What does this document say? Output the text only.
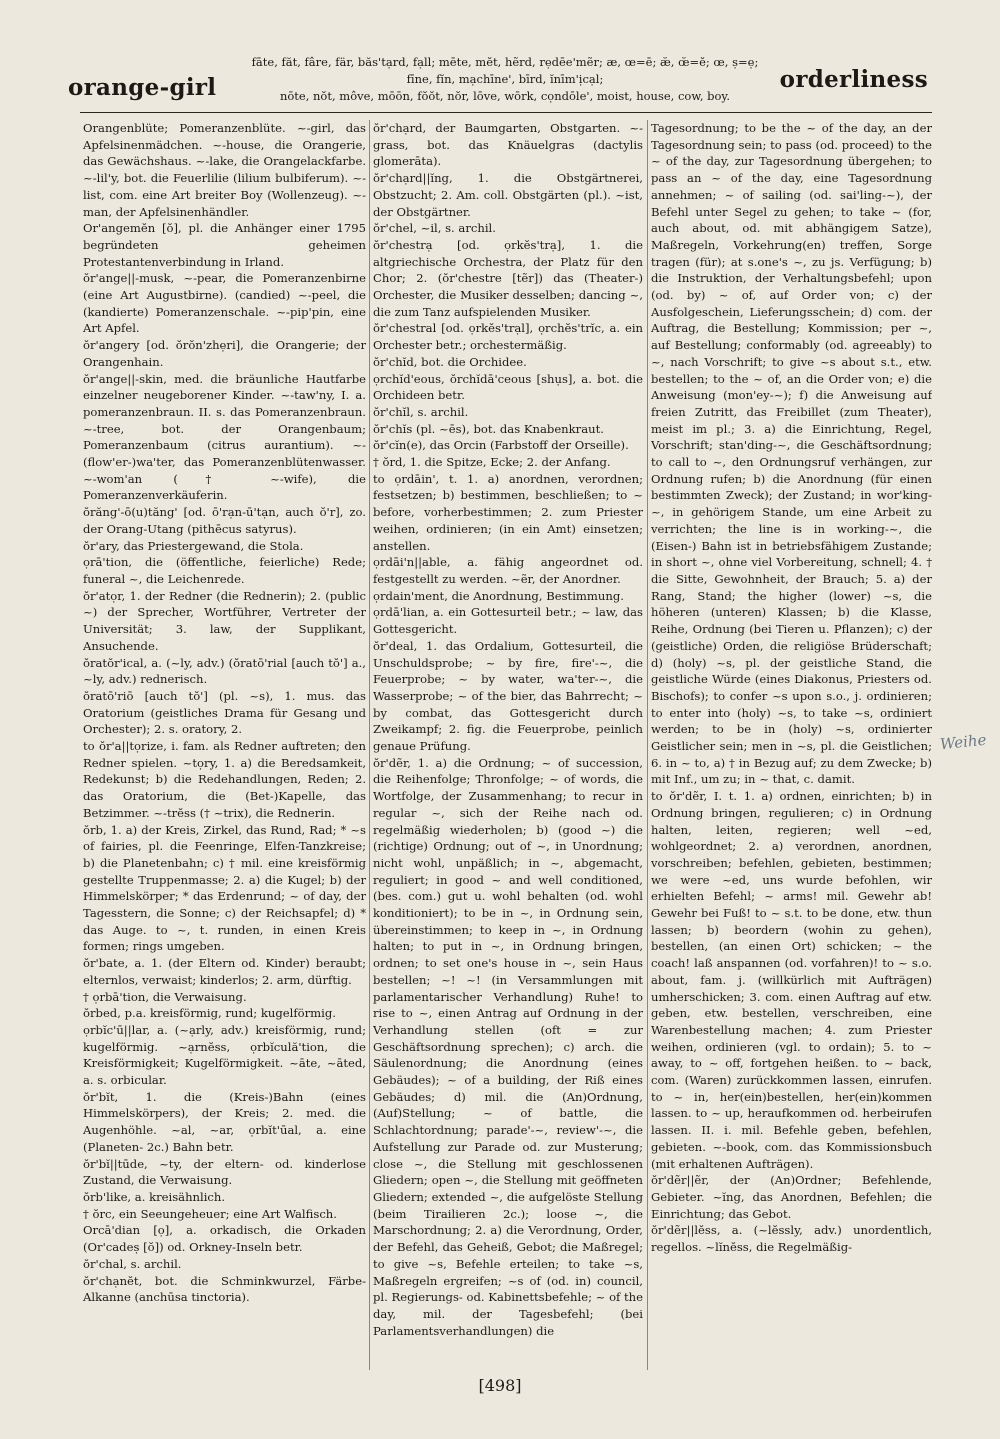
orange-girl
fāte, făt, fâre, fär, băs'tạrd, fạll; mēte, mĕt, hẽrd, rẹdēe'mẽr; æ, œ=ē; æ̆, œ̆=ĕ; œ, ṣ=ẹ;
fīne, fĭn, mạchīne', bīrd, ĭnīm'ịcạl;
nōte, nŏt, môve, mōōn, fŏŏt, nŏr, lōve, wōrk, cọndōle', moist, house, cow, boy.
orderliness

Orangenblüte; Pomeranzenblüte. ~-girl, das Apfelsinenmädchen. ~-house, die Orangerie, das Gewächshaus. ~-lake, die Orangelackfarbe. ~-lil'y, bot. die Feuerlilie (lilium bulbiferum). ~-list, com. eine Art breiter Boy (Wollenzeug). ~-man, der Apfelsinenhändler.

Or'angemĕn [ŏ], pl. die Anhänger einer 1795 begründeten geheimen Protestantenverbindung in Irland.

ŏr'ange||-musk, ~-pear, die Pomeranzenbirne (eine Art Augustbirne). (candied) ~-peel, die (kandierte) Pomeranzenschale. ~-pip'pin, eine Art Apfel.

ŏr'angery [od. ŏrŏn'zhẹri], die Orangerie; der Orangenhain.

ŏr'ange||-skin, med. die bräunliche Hautfarbe einzelner neugeborener Kinder. ~-taw'ny, I. a. pomeranzenbraun. II. s. das Pomeranzenbraun. ~-tree, bot. der Orangenbaum; Pomeranzenbaum (citrus aurantium). ~-(flow'er-)wa'ter, das Pomeranzenblütenwasser. ~-wom'an († ~-wife), die Pomeranzenverkäuferin.

ŏrăng'-ō(u)tăng' [od. ō'rạn-ū'tạn, auch ŏ'r], zo. der Orang-Utang (pithēcus satyrus).

ŏr'ary, das Priestergewand, die Stola.

ọrā'tion, die (öffentliche, feierliche) Rede; funeral ~, die Leichenrede.

ŏr'atọr, 1. der Redner (die Rednerin); 2. (public ~) der Sprecher, Wortführer, Vertreter der Universität; 3. law, der Supplikant, Ansuchende.

ŏratŏr'ical, a. (~ly, adv.) (ŏratō'rial [auch tŏ'] a., ~ly, adv.) rednerisch.

ŏratō'riō [auch tŏ'] (pl. ~s), 1. mus. das Oratorium (geistliches Drama für Gesang und Orchester); 2. s. oratory, 2.

to ŏr'a||tọrize, i. fam. als Redner auftreten; den Redner spielen. ~tọry, 1. a) die Beredsamkeit, Redekunst; b) die Redehandlungen, Reden; 2. das Oratorium, die (Bet-)Kapelle, das Betzimmer. ~-trĕss († ~trix), die Rednerin.

ŏrb, 1. a) der Kreis, Zirkel, das Rund, Rad; * ~s of fairies, pl. die Feenringe, Elfen-Tanzkreise; b) die Planetenbahn; c) † mil. eine kreisförmig gestellte Truppenmasse; 2. a) die Kugel; b) der Himmelskörper; * das Erdenrund; ~ of day, der Tagesstern, die Sonne; c) der Reichsapfel; d) * das Auge. to ~, t. runden, in einen Kreis formen; rings umgeben.

ŏr'bate, a. 1. (der Eltern od. Kinder) beraubt; elternlos, verwaist; kinderlos; 2. arm, dürftig.

† ọrbā'tion, die Verwaisung.

ŏrbed, p.a. kreisförmig, rund; kugelförmig.

ọrbĭc'ū||lar, a. (~ạrly, adv.) kreisförmig, rund; kugelförmig. ~ạrnĕss, ọrbĭculă'tion, die Kreisförmigkeit; Kugelförmigkeit. ~āte, ~āted, a. s. orbicular.

ŏr'bĭt, 1. die (Kreis-)Bahn (eines Himmelskörpers), der Kreis; 2. med. die Augenhöhle. ~al, ~ar, ọrbĭt'ūal, a. eine (Planeten- 2c.) Bahn betr.

ŏr'bĭ||tūde, ~ty, der eltern- od. kinderlose Zustand, die Verwaisung.

ŏrb'like, a. kreisähnlich.

† ŏrc, ein Seeungeheuer; eine Art Walfisch.

Orcā'dian [ọ], a. orkadisch, die Orkaden (Or'cadeṣ [ŏ]) od. Orkney-Inseln betr.

ŏr'chal, s. archil.

ŏr'chạnĕt, bot. die Schminkwurzel, Färbe-Alkanne (anchūsa tinctoria).

ŏr'chạrd, der Baumgarten, Obstgarten. ~-grass, bot. das Knäuelgras (dactylis glomerāta).

ŏr'chạrd||ĭng, 1. die Obstgärtnerei, Obstzucht; 2. Am. coll. Obstgärten (pl.). ~ist, der Obstgärtner.

ŏr'chel, ~il, s. archil.

ŏr'chestrạ [od. ọrkĕs'trạ], 1. die altgriechische Orchestra, der Platz für den Chor; 2. (ŏr'chestre [tẽr]) das (Theater-) Orchester, die Musiker desselben; dancing ~, die zum Tanz aufspielenden Musiker.

ŏr'chestral [od. ọrkĕs'trạl], ọrchĕs'trĭc, a. ein Orchester betr.; orchestermäßig.

ŏr'chĭd, bot. die Orchidee.

ọrchĭd'eous, ŏrchĭdā'ceous [shụs], a. bot. die Orchideen betr.

ŏr'chĭl, s. archil.

ŏr'chĭs (pl. ~ēs), bot. das Knabenkraut.

ŏr'cĭn(e), das Orcin (Farbstoff der Orseille).

† ŏrd, 1. die Spitze, Ecke; 2. der Anfang.

to ọrdāin', t. 1. a) anordnen, verordnen; festsetzen; b) bestimmen, beschließen; to ~ before, vorherbestimmen; 2. zum Priester weihen, ordinieren; (in ein Amt) einsetzen; anstellen.

ọrdāi'n||able, a. fähig angeordnet od. festgestellt zu werden. ~ẽr, der Anordner.

ọrdain'ment, die Anordnung, Bestimmung.

ọrdā'lian, a. ein Gottesurteil betr.; ~ law, das Gottesgericht.

ŏr'deal, 1. das Ordalium, Gottesurteil, die Unschuldsprobe; ~ by fire, fire'-~, die Feuerprobe; ~ by water, wa'ter-~, die Wasserprobe; ~ of the bier, das Bahrrecht; ~ by combat, das Gottesgericht durch Zweikampf; 2. fig. die Feuerprobe, peinlich genaue Prüfung.

ŏr'dẽr, 1. a) die Ordnung; ~ of succession, die Reihenfolge; Thronfolge; ~ of words, die Wortfolge, der Zusammenhang; to recur in regular ~, sich der Reihe nach od. regelmäßig wiederholen; b) (good ~) die (richtige) Ordnung; out of ~, in Unordnung; nicht wohl, unpäßlich; in ~, abgemacht, reguliert; in good ~ and well conditioned, (bes. com.) gut u. wohl behalten (od. wohl konditioniert); to be in ~, in Ordnung sein, übereinstimmen; to keep in ~, in Ordnung halten; to put in ~, in Ordnung bringen, ordnen; to set one's house in ~, sein Haus bestellen; ~! ~! (in Versammlungen mit parlamentarischer Verhandlung) Ruhe! to rise to ~, einen Antrag auf Ordnung in der Verhandlung stellen (oft = zur Geschäftsordnung sprechen); c) arch. die Säulenordnung; die Anordnung (eines Gebäudes); ~ of a building, der Riß eines Gebäudes; d) mil. die (An)Ordnung, (Auf)Stellung; ~ of battle, die Schlachtordnung; parade'-~, review'-~, die Aufstellung zur Parade od. zur Musterung; close ~, die Stellung mit geschlossenen Gliedern; open ~, die Stellung mit geöffneten Gliedern; extended ~, die aufgelöste Stellung (beim Tirailieren 2c.); loose ~, die Marschordnung; 2. a) die Verordnung, Order, der Befehl, das Geheiß, Gebot; die Maßregel; to give ~s, Befehle erteilen; to take ~s, Maßregeln ergreifen; ~s of (od. in) council, pl. Regierungs- od. Kabinettsbefehle; ~ of the day, mil. der Tagesbefehl; (bei Parlamentsverhandlungen) die

Tagesordnung; to be the ~ of the day, an der Tagesordnung sein; to pass (od. proceed) to the ~ of the day, zur Tagesordnung übergehen; to pass an ~ of the day, eine Tagesordnung annehmen; ~ of sailing (od. sai'ling-~), der Befehl unter Segel zu gehen; to take ~ (for, auch about, od. mit abhängigem Satze), Maßregeln, Vorkehrung(en) treffen, Sorge tragen (für); at s.one's ~, zu js. Verfügung; b) die Instruktion, der Verhaltungsbefehl; upon (od. by) ~ of, auf Order von; c) der Ausfolgeschein, Lieferungsschein; d) com. der Auftrag, die Bestellung; Kommission; per ~, auf Bestellung; conformably (od. agreeably) to ~, nach Vorschrift; to give ~s about s.t., etw. bestellen; to the ~ of, an die Order von; e) die Anweisung (mon'ey-~); f) die Anweisung auf freien Zutritt, das Freibillet (zum Theater), meist im pl.; 3. a) die Einrichtung, Regel, Vorschrift; stan'ding-~, die Geschäftsordnung; to call to ~, den Ordnungsruf verhängen, zur Ordnung rufen; b) die Anordnung (für einen bestimmten Zweck); der Zustand; in wor'king-~, in gehörigem Stande, um eine Arbeit zu verrichten; the line is in working-~, die (Eisen-) Bahn ist in betriebsfähigem Zustande; in short ~, ohne viel Vorbereitung, schnell; 4. † die Sitte, Gewohnheit, der Brauch; 5. a) der Rang, Stand; the higher (lower) ~s, die höheren (unteren) Klassen; b) die Klasse, Reihe, Ordnung (bei Tieren u. Pflanzen); c) der (geistliche) Orden, die religiöse Brüderschaft; d) (holy) ~s, pl. der geistliche Stand, die geistliche Würde (eines Diakonus, Priesters od. Bischofs); to confer ~s upon s.o., j. ordinieren; to enter into (holy) ~s, to take ~s, ordiniert werden; to be in (holy) ~s, ordinierter Geistlicher sein; men in ~s, pl. die Geistlichen; 6. in ~ to, a) † in Bezug auf; zu dem Zwecke; b) mit Inf., um zu; in ~ that, c. damit.

to ŏr'dẽr, I. t. 1. a) ordnen, einrichten; b) in Ordnung bringen, regulieren; c) in Ordnung halten, leiten, regieren; well ~ed, wohlgeordnet; 2. a) verordnen, anordnen, vorschreiben; befehlen, gebieten, bestimmen; we were ~ed, uns wurde befohlen, wir erhielten Befehl; ~ arms! mil. Gewehr ab! Gewehr bei Fuß! to ~ s.t. to be done, etw. thun lassen; b) beordern (wohin zu gehen), bestellen, (an einen Ort) schicken; ~ the coach! laß anspannen (od. vorfahren)! to ~ s.o. about, fam. j. (willkürlich mit Aufträgen) umherschicken; 3. com. einen Auftrag auf etw. geben, etw. bestellen, verschreiben, eine Warenbestellung machen; 4. zum Priester weihen, ordinieren (vgl. to ordain); 5. to ~ away, to ~ off, fortgehen heißen. to ~ back, com. (Waren) zurückkommen lassen, einrufen. to ~ in, her(ein)bestellen, her(ein)kommen lassen. to ~ up, heraufkommen od. herbeirufen lassen. II. i. mil. Befehle geben, befehlen, gebieten. ~-book, com. das Kommissionsbuch (mit erhaltenen Aufträgen).

ŏr'dẽr||ẽr, der (An)Ordner; Befehlende, Gebieter. ~ĭng, das Anordnen, Befehlen; die Einrichtung; das Gebot.

ŏr'dẽr||lĕss, a. (~lĕssly, adv.) unordentlich, regellos. ~lĭnĕss, die Regelmäßig-

Weihe
[498]
